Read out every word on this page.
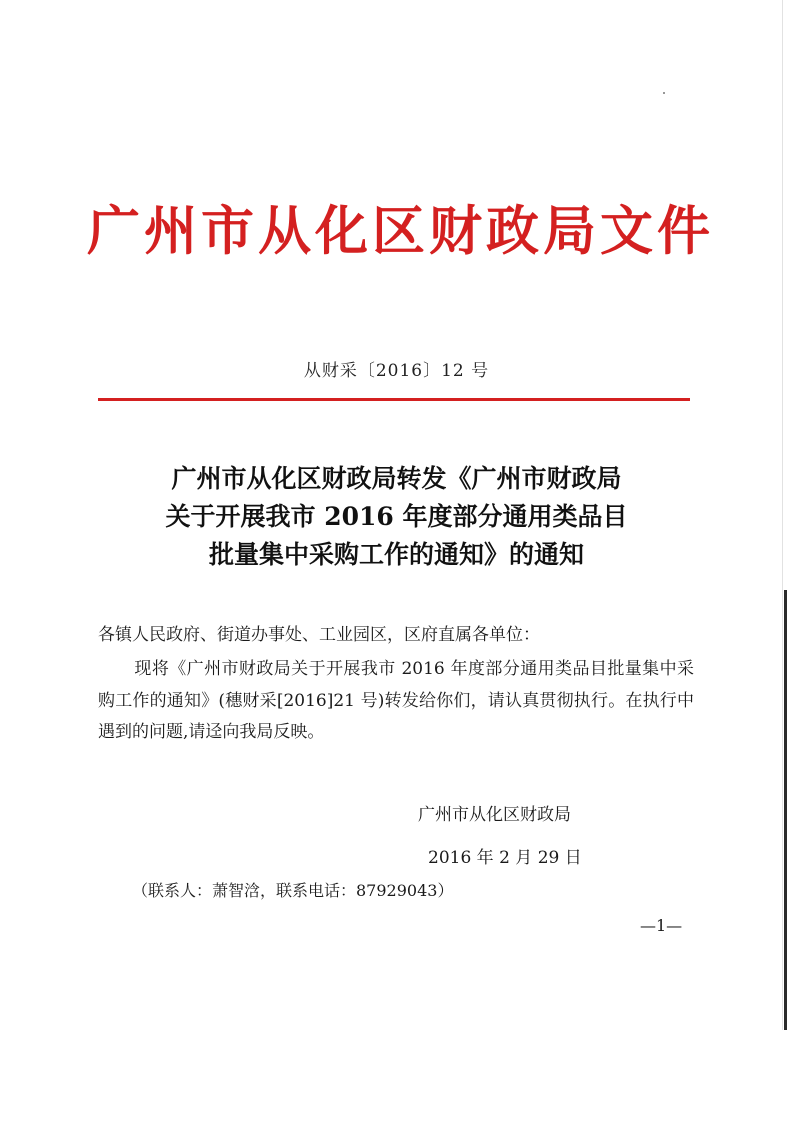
广州市从化区财政局文件
从财采〔2016〕12 号
广州市从化区财政局转发《广州市财政局
关于开展我市 2016 年度部分通用类品目
批量集中采购工作的通知》的通知
各镇人民政府、街道办事处、工业园区，区府直属各单位：
现将《广州市财政局关于开展我市 2016 年度部分通用类品目批量集中采购工作的通知》(穗财采[2016]21 号)转发给你们，请认真贯彻执行。在执行中遇到的问题,请迳向我局反映。
广州市从化区财政局
2016 年 2 月 29 日
（联系人：萧智浛，联系电话：87929043）
—1—
